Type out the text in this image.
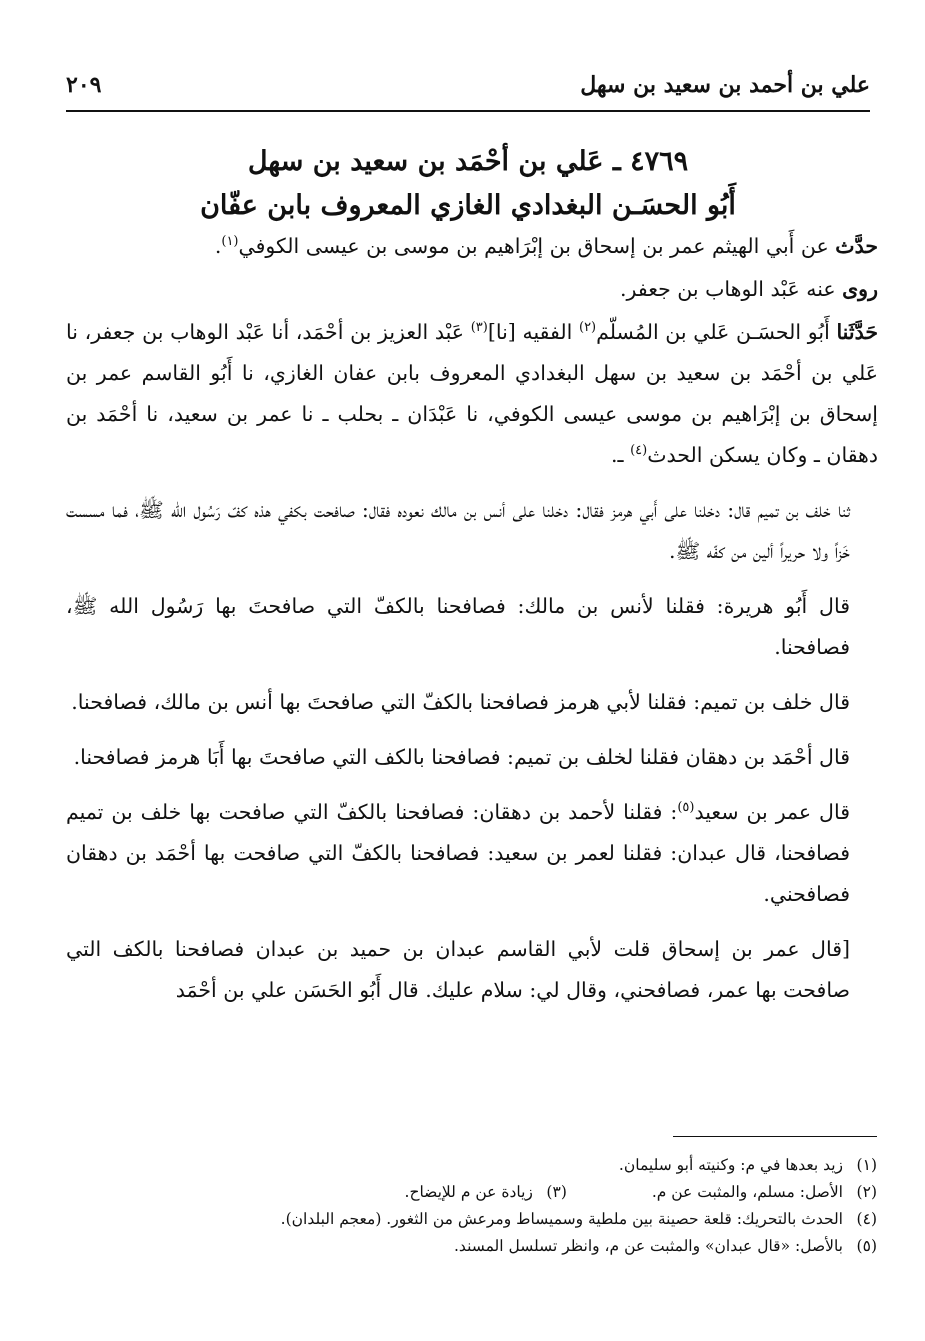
علي بن أحمد بن سعيد بن سهل
٢٠٩
٤٧٦٩ ـ عَلي بن أحْمَد بن سعيد بن سهل
أَبُو الحسَـن البغدادي الغازي المعروف بابن عفّان

حدَّث عن أَبي الهيثم عمر بن إسحاق بن إبْرَاهيم بن موسى بن عيسى الكوفي$^{(١)}$.

روى عنه عَبْد الوهاب بن جعفر.

حَدَّثَنا أَبُو الحسَـن عَلي بن المُسلّم$^{(٢)}$ الفقيه [نا]$^{(٣)}$ عَبْد العزيز بن أحْمَد، أنا عَبْد الوهاب بن جعفر، نا عَلي بن أحْمَد بن سعيد بن سهل البغدادي المعروف بابن عفان الغازي، نا أَبُو القاسم عمر بن إسحاق بن إبْرَاهيم بن موسى عيسى الكوفي، نا عَبْدَان ـ بحلب ـ نا عمر بن سعيد، نا أحْمَد بن دهقان ـ وكان يسكن الحدث$^{(٤)}$ ـ.

ثنا خلف بن تميم قال: دخلنا على أَبي هرمز فقال: دخلنا على أنس بن مالك نعوده فقال: صافحت بكفي هذه كفّ رَسُول الله ﷺ، فما مسست خَزاً ولا حريراً ألين من كفّه ﷺ.

قال أَبُو هريرة: فقلنا لأنس بن مالك: فصافحنا بالكفّ التي صافحتَ بها رَسُول الله ﷺ، فصافحنا.

قال خلف بن تميم: فقلنا لأبي هرمز فصافحنا بالكفّ التي صافحتَ بها أنس بن مالك، فصافحنا.

قال أحْمَد بن دهقان فقلنا لخلف بن تميم: فصافحنا بالكف التي صافحتَ بها أَبَا هرمز فصافحنا.

قال عمر بن سعيد$^{(٥)}$: فقلنا لأحمد بن دهقان: فصافحنا بالكفّ التي صافحت بها خلف بن تميم فصافحنا، قال عبدان: فقلنا لعمر بن سعيد: فصافحنا بالكفّ التي صافحت بها أحْمَد بن دهقان فصافحني.

[قال عمر بن إسحاق قلت لأبي القاسم عبدان بن حميد بن عبدان فصافحنا بالكف التي صافحت بها عمر، فصافحني، وقال لي: سلام عليك. قال أَبُو الحَسَن علي بن أحْمَد

(١)زيد بعدها في م: وكنيته أبو سليمان.
(٢)الأصل: مسلم، والمثبت عن م. (٣)زيادة عن م للإيضاح.
(٤)الحدث بالتحريك: قلعة حصينة بين ملطية وسميساط ومرعش من الثغور. (معجم البلدان).
(٥)بالأصل: «قال عبدان» والمثبت عن م، وانظر تسلسل المسند.
